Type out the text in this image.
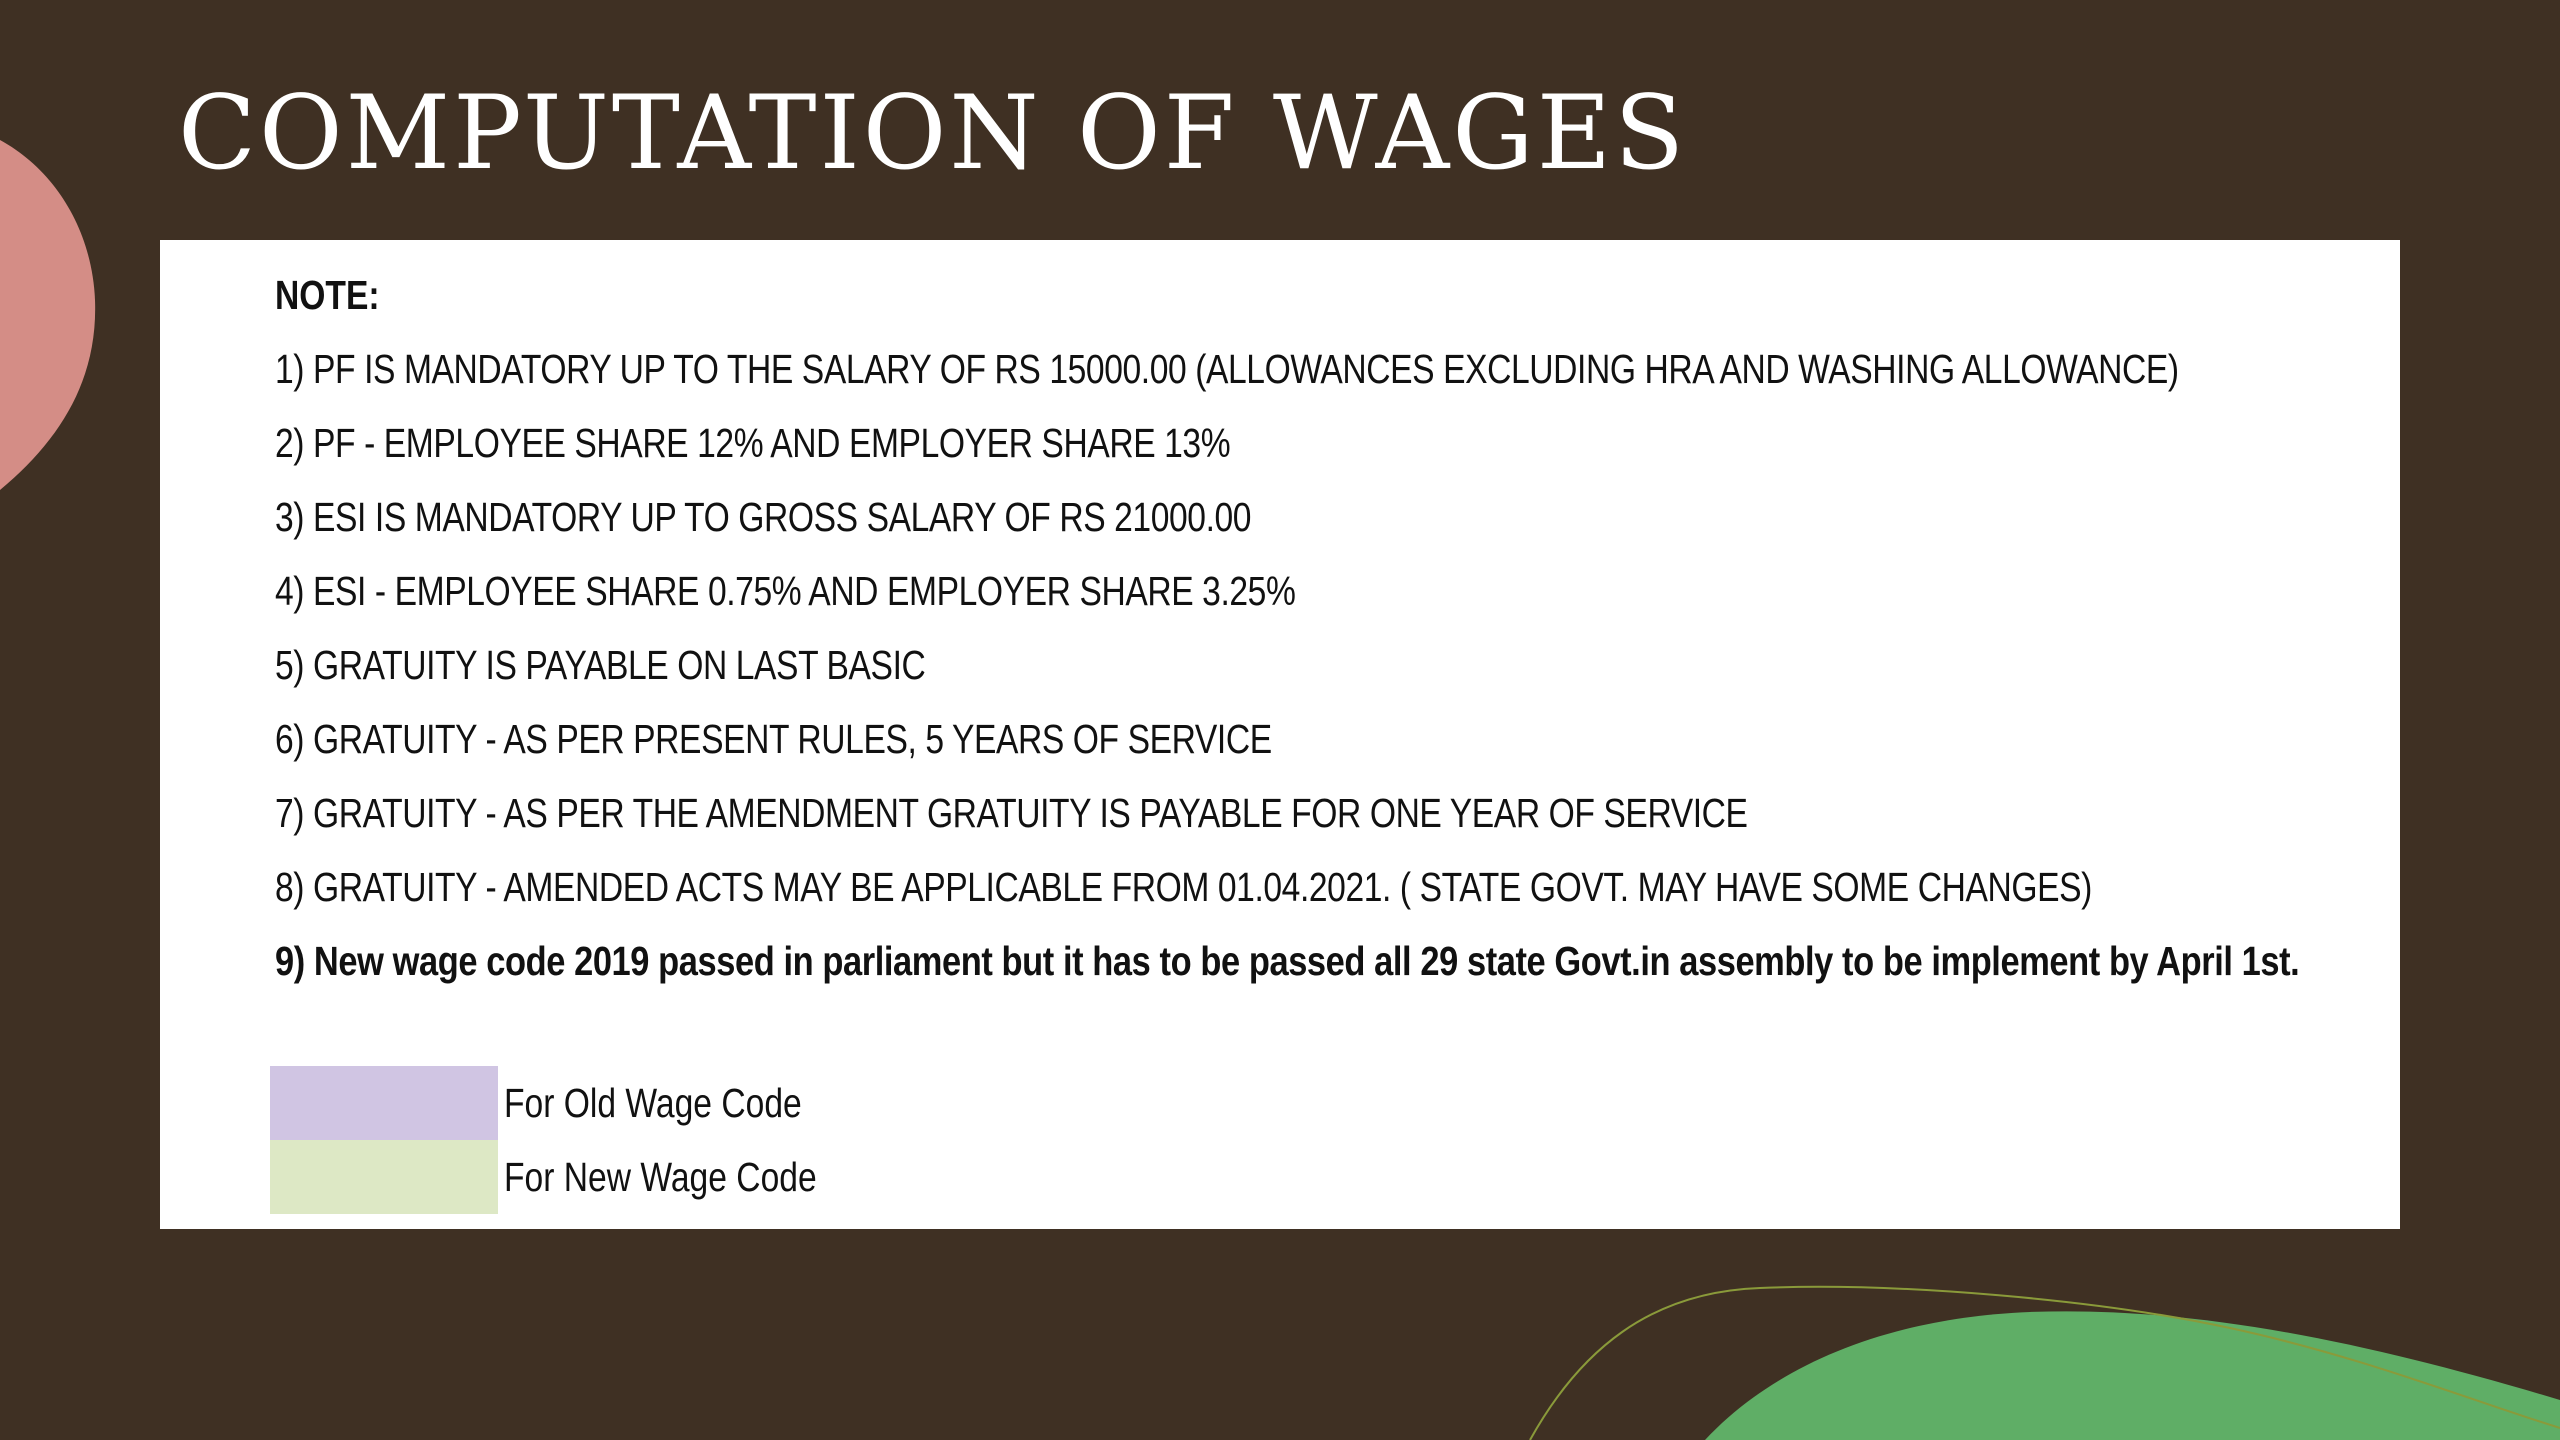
COMPUTATION OF WAGES
NOTE:
1) PF IS MANDATORY UP TO THE SALARY OF RS 15000.00 (ALLOWANCES EXCLUDING HRA AND WASHING ALLOWANCE)
2) PF - EMPLOYEE SHARE 12% AND EMPLOYER SHARE 13%
3) ESI IS MANDATORY UP TO GROSS SALARY OF RS 21000.00
4) ESI - EMPLOYEE SHARE 0.75% AND EMPLOYER SHARE 3.25%
5) GRATUITY IS PAYABLE ON LAST BASIC
6) GRATUITY - AS PER PRESENT RULES, 5 YEARS OF SERVICE
7) GRATUITY - AS PER THE AMENDMENT GRATUITY IS PAYABLE FOR ONE YEAR OF SERVICE
8) GRATUITY - AMENDED ACTS MAY BE APPLICABLE FROM 01.04.2021. ( STATE GOVT. MAY HAVE SOME CHANGES)
9) New wage code 2019 passed in parliament but it has to be passed all 29 state Govt.in assembly to be implement by April 1st.
For Old Wage Code
For New Wage Code
